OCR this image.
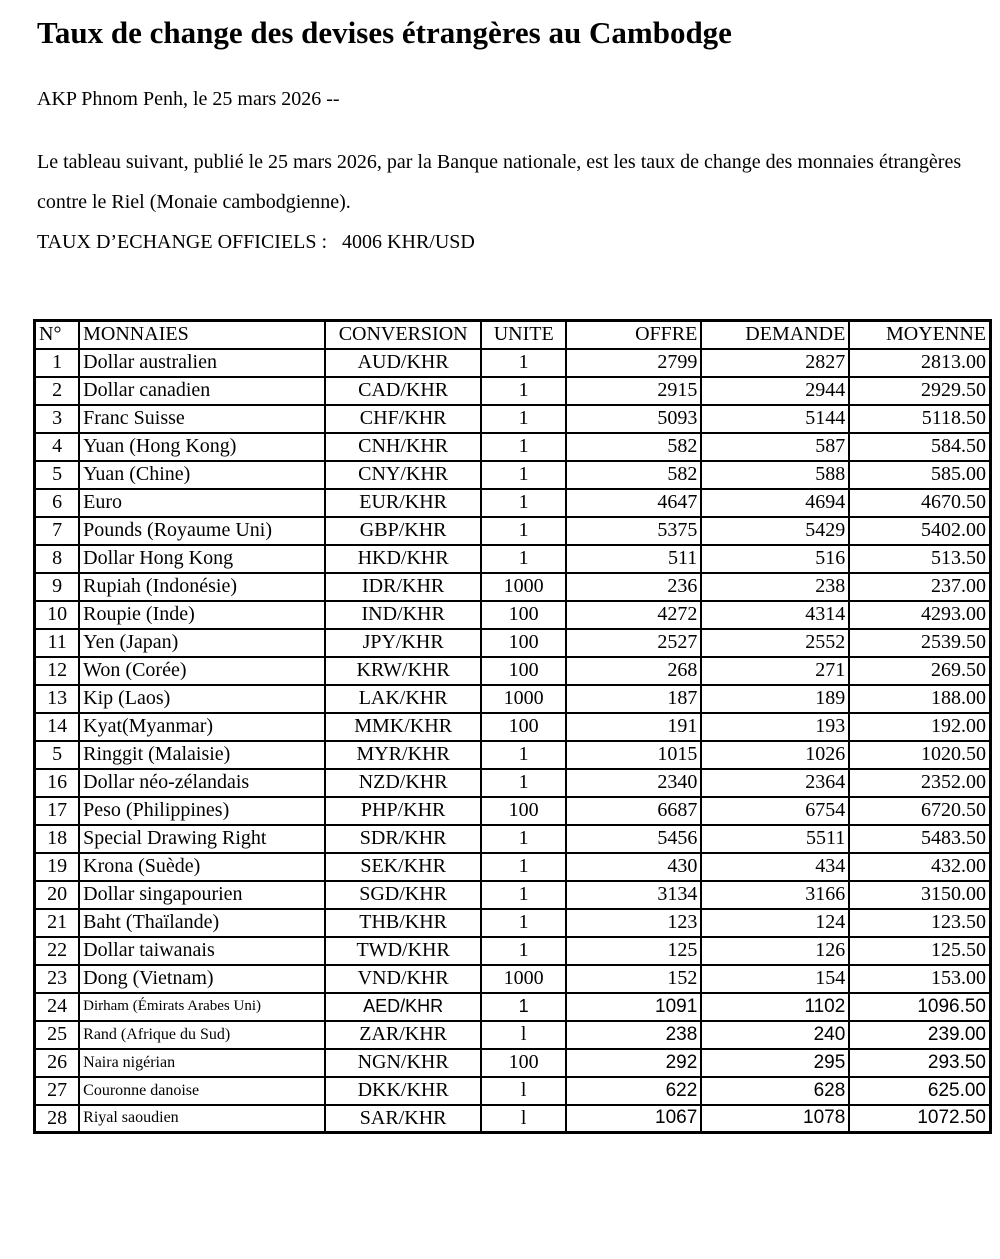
Taux de change des devises étrangères au Cambodge

AKP Phnom Penh, le 25 mars 2026 --

Le tableau suivant, publié le 25 mars 2026, par la Banque nationale, est les taux de change des monnaies étrangères contre le Riel (Monaie cambodgienne).

TAUX D’ECHANGE OFFICIELS :   4006 KHR/USD

N°	MONNAIES	CONVERSION	UNITE	OFFRE	DEMANDE	MOYENNE
1	Dollar australien	AUD/KHR	1	2799	2827	2813.00
2	Dollar canadien	CAD/KHR	1	2915	2944	2929.50
3	Franc Suisse	CHF/KHR	1	5093	5144	5118.50
4	Yuan (Hong Kong)	CNH/KHR	1	582	587	584.50
5	Yuan (Chine)	CNY/KHR	1	582	588	585.00
6	Euro	EUR/KHR	1	4647	4694	4670.50
7	Pounds (Royaume Uni)	GBP/KHR	1	5375	5429	5402.00
8	Dollar Hong Kong	HKD/KHR	1	511	516	513.50
9	Rupiah (Indonésie)	IDR/KHR	1000	236	238	237.00
10	Roupie (Inde)	IND/KHR	100	4272	4314	4293.00
11	Yen (Japan)	JPY/KHR	100	2527	2552	2539.50
12	Won (Corée)	KRW/KHR	100	268	271	269.50
13	Kip (Laos)	LAK/KHR	1000	187	189	188.00
14	Kyat(Myanmar)	MMK/KHR	100	191	193	192.00
5	Ringgit (Malaisie)	MYR/KHR	1	1015	1026	1020.50
16	Dollar néo-zélandais	NZD/KHR	1	2340	2364	2352.00
17	Peso (Philippines)	PHP/KHR	100	6687	6754	6720.50
18	Special Drawing Right	SDR/KHR	1	5456	5511	5483.50
19	Krona (Suède)	SEK/KHR	1	430	434	432.00
20	Dollar singapourien	SGD/KHR	1	3134	3166	3150.00
21	Baht (Thaïlande)	THB/KHR	1	123	124	123.50
22	Dollar taiwanais	TWD/KHR	1	125	126	125.50
23	Dong (Vietnam)	VND/KHR	1000	152	154	153.00
24	Dirham (Émirats Arabes Uni)	AED/KHR	1	1091	1102	1096.50
25	Rand (Afrique du Sud)	ZAR/KHR	l	238	240	239.00
26	Naira nigérian	NGN/KHR	100	292	295	293.50
27	Couronne danoise	DKK/KHR	l	622	628	625.00
28	Riyal saoudien	SAR/KHR	l	1067	1078	1072.50
